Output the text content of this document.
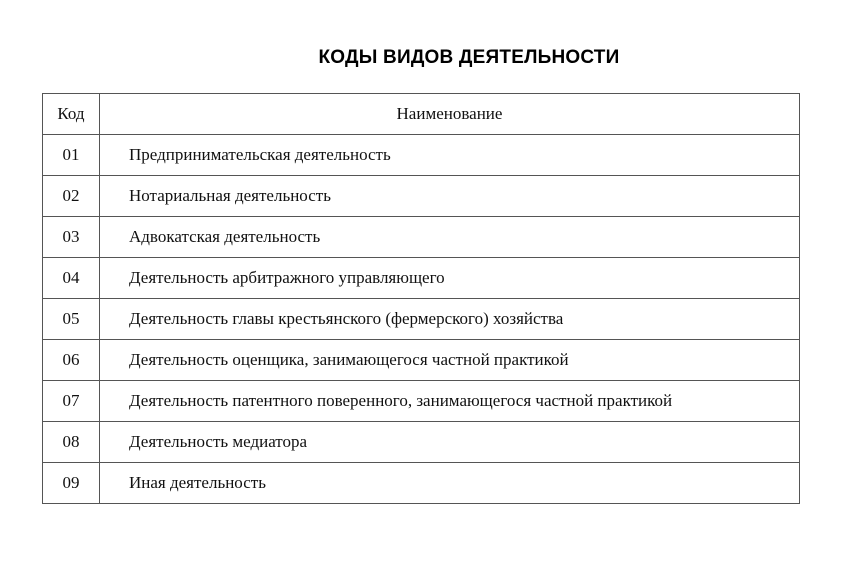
КОДЫ ВИДОВ ДЕЯТЕЛЬНОСТИ
Код	Наименование
01	Предпринимательская деятельность
02	Нотариальная деятельность
03	Адвокатская деятельность
04	Деятельность арбитражного управляющего
05	Деятельность главы крестьянского (фермерского) хозяйства
06	Деятельность оценщика, занимающегося частной практикой
07	Деятельность патентного поверенного, занимающегося частной практикой
08	Деятельность медиатора
09	Иная деятельность
